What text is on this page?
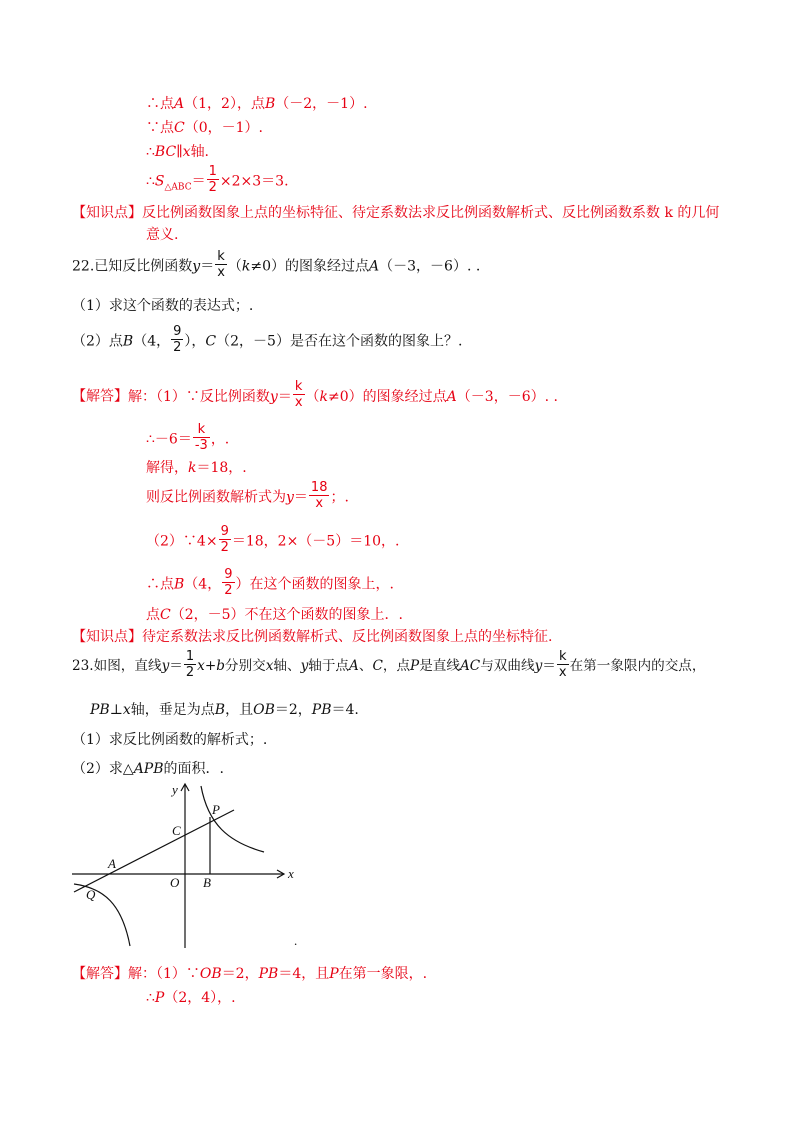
∴点A（1，2），点B（－2，－1）.
∵点C（0，－1）.
∴BC∥x轴.
$\therefore S_{\triangle ABC}= \frac{1}{2} \times 2\times 3=3$.
【知识点】反比例函数图象上点的坐标特征、待定系数法求反比例函数解析式、反比例函数系数 k 的几何
意义.
22.已知反比例函数$y= \frac{k}{x} (k\ne 0)$的图象经过点A（－3，－6）. .
（1）求这个函数的表达式；.
（2）点B（4， $\frac{9}{2}$ ），C（2，－5）是否在这个函数的图象上？.
【解答】解：（1）∵反比例函数$y= \frac{k}{x} (k\ne 0)$的图象经过点A（－3，－6）. .
∴－6＝ $\frac{k}{-3}$ ，.
解得，k＝18，.
则反比例函数解析式为$y= \frac{18}{x}$ ；.
（2）∵4× $\frac{9}{2} =18$，2×（－5）＝10，.
∴点B（4， $\frac{9}{2}$ ）在这个函数的图象上，.
点C（2，－5）不在这个函数的图象上．.
【知识点】待定系数法求反比例函数解析式、反比例函数图象上点的坐标特征.
23.如图，直线$y= \frac{1}{2} x+b$分别交x轴、y轴于点A、C，点P是直线AC与双曲线$y= \frac{k}{x}$ 在第一象限内的交点，
PB⊥x轴，垂足为点B，且OB＝2，PB＝4.
（1）求反比例函数的解析式；.
（2）求△APB的面积．.
y
x
P
C
A
O B
Q
.
【解答】解：（1）∵OB＝2，PB＝4，且P在第一象限，.
∴P（2，4），.
